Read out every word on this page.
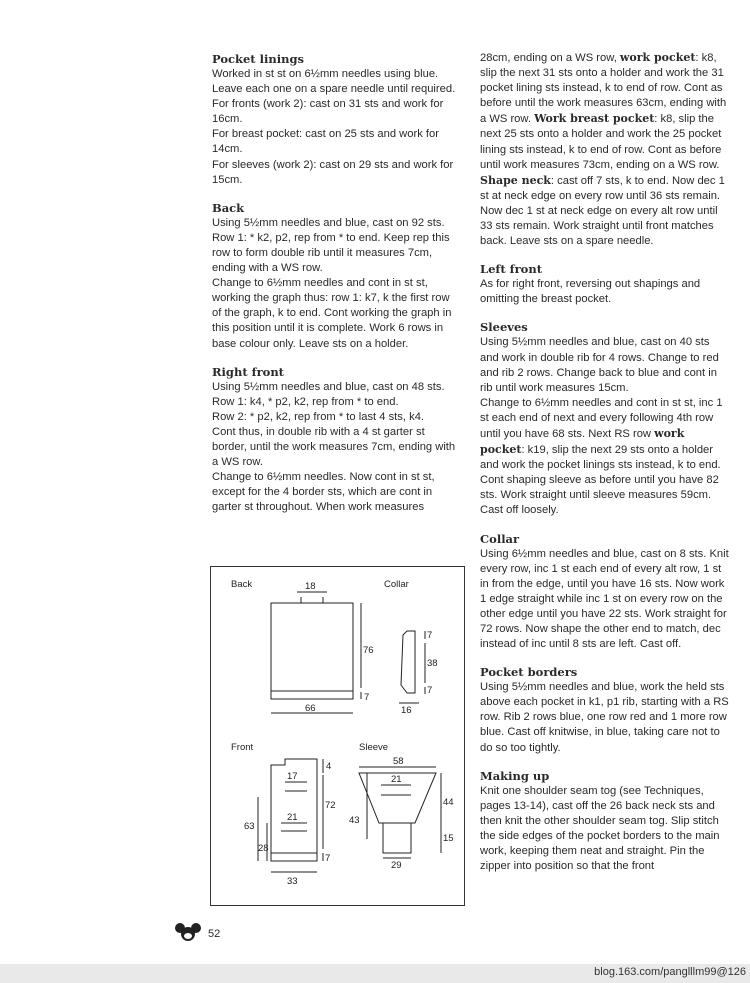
Pocket linings

Worked in st st on 6½mm needles using blue.

Leave each one on a spare needle until required.

For fronts (work 2): cast on 31 sts and work for 16cm.

For breast pocket: cast on 25 sts and work for 14cm.

For sleeves (work 2): cast on 29 sts and work for 15cm.

Back

Using 5½mm needles and blue, cast on 92 sts.

Row 1: * k2, p2, rep from * to end. Keep rep this row to form double rib until it measures 7cm, ending with a WS row.

Change to 6½mm needles and cont in st st, working the graph thus: row 1: k7, k the first row of the graph, k to end. Cont working the graph in this position until it is complete. Work 6 rows in base colour only. Leave sts on a holder.

Right front

Using 5½mm needles and blue, cast on 48 sts.

Row 1: k4, * p2, k2, rep from * to end.

Row 2: * p2, k2, rep from * to last 4 sts, k4.

Cont thus, in double rib with a 4 st garter st border, until the work measures 7cm, ending with a WS row.

Change to 6½mm needles. Now cont in st st, except for the 4 border sts, which are cont in garter st throughout. When work measures

28cm, ending on a WS row, work pocket: k8, slip the next 31 sts onto a holder and work the 31 pocket lining sts instead, k to end of row. Cont as before until the work measures 63cm, ending with a WS row. Work breast pocket: k8, slip the next 25 sts onto a holder and work the 25 pocket lining sts instead, k to end of row. Cont as before until work measures 73cm, ending on a WS row. Shape neck: cast off 7 sts, k to end. Now dec 1 st at neck edge on every row until 36 sts remain. Now dec 1 st at neck edge on every alt row until 33 sts remain. Work straight until front matches back. Leave sts on a spare needle.

Left front

As for right front, reversing out shapings and omitting the breast pocket.

Sleeves

Using 5½mm needles and blue, cast on 40 sts and work in double rib for 4 rows. Change to red and rib 2 rows. Change back to blue and cont in rib until work measures 15cm.

Change to 6½mm needles and cont in st st, inc 1 st each end of next and every following 4th row until you have 68 sts. Next RS row work pocket: k19, slip the next 29 sts onto a holder and work the pocket linings sts instead, k to end. Cont shaping sleeve as before until you have 82 sts. Work straight until sleeve measures 59cm. Cast off loosely.

Collar

Using 6½mm needles and blue, cast on 8 sts. Knit every row, inc 1 st each end of every alt row, 1 st in from the edge, until you have 16 sts. Now work 1 edge straight while inc 1 st on every row on the other edge until you have 22 sts. Work straight for 72 rows. Now shape the other end to match, dec instead of inc until 8 sts are left. Cast off.

Pocket borders

Using 5½mm needles and blue, work the held sts above each pocket in k1, p1 rib, starting with a RS row. Rib 2 rows blue, one row red and 1 more row blue. Cast off knitwise, in blue, taking care not to do so too tightly.

Making up

Knit one shoulder seam tog (see Techniques, pages 13-14), cast off the 26 back neck sts and then knit the other shoulder seam tog. Slip stitch the side edges of the pocket borders to the main work, keeping them neat and straight. Pin the zipper into position so that the front

Back	18
76
7
66
Collar
7
38
7
16
Front
4
17
21
72
63
28
7
33
Sleeve
58
21
43
44
15
29
52
blog.163.com/panglllm99@126
